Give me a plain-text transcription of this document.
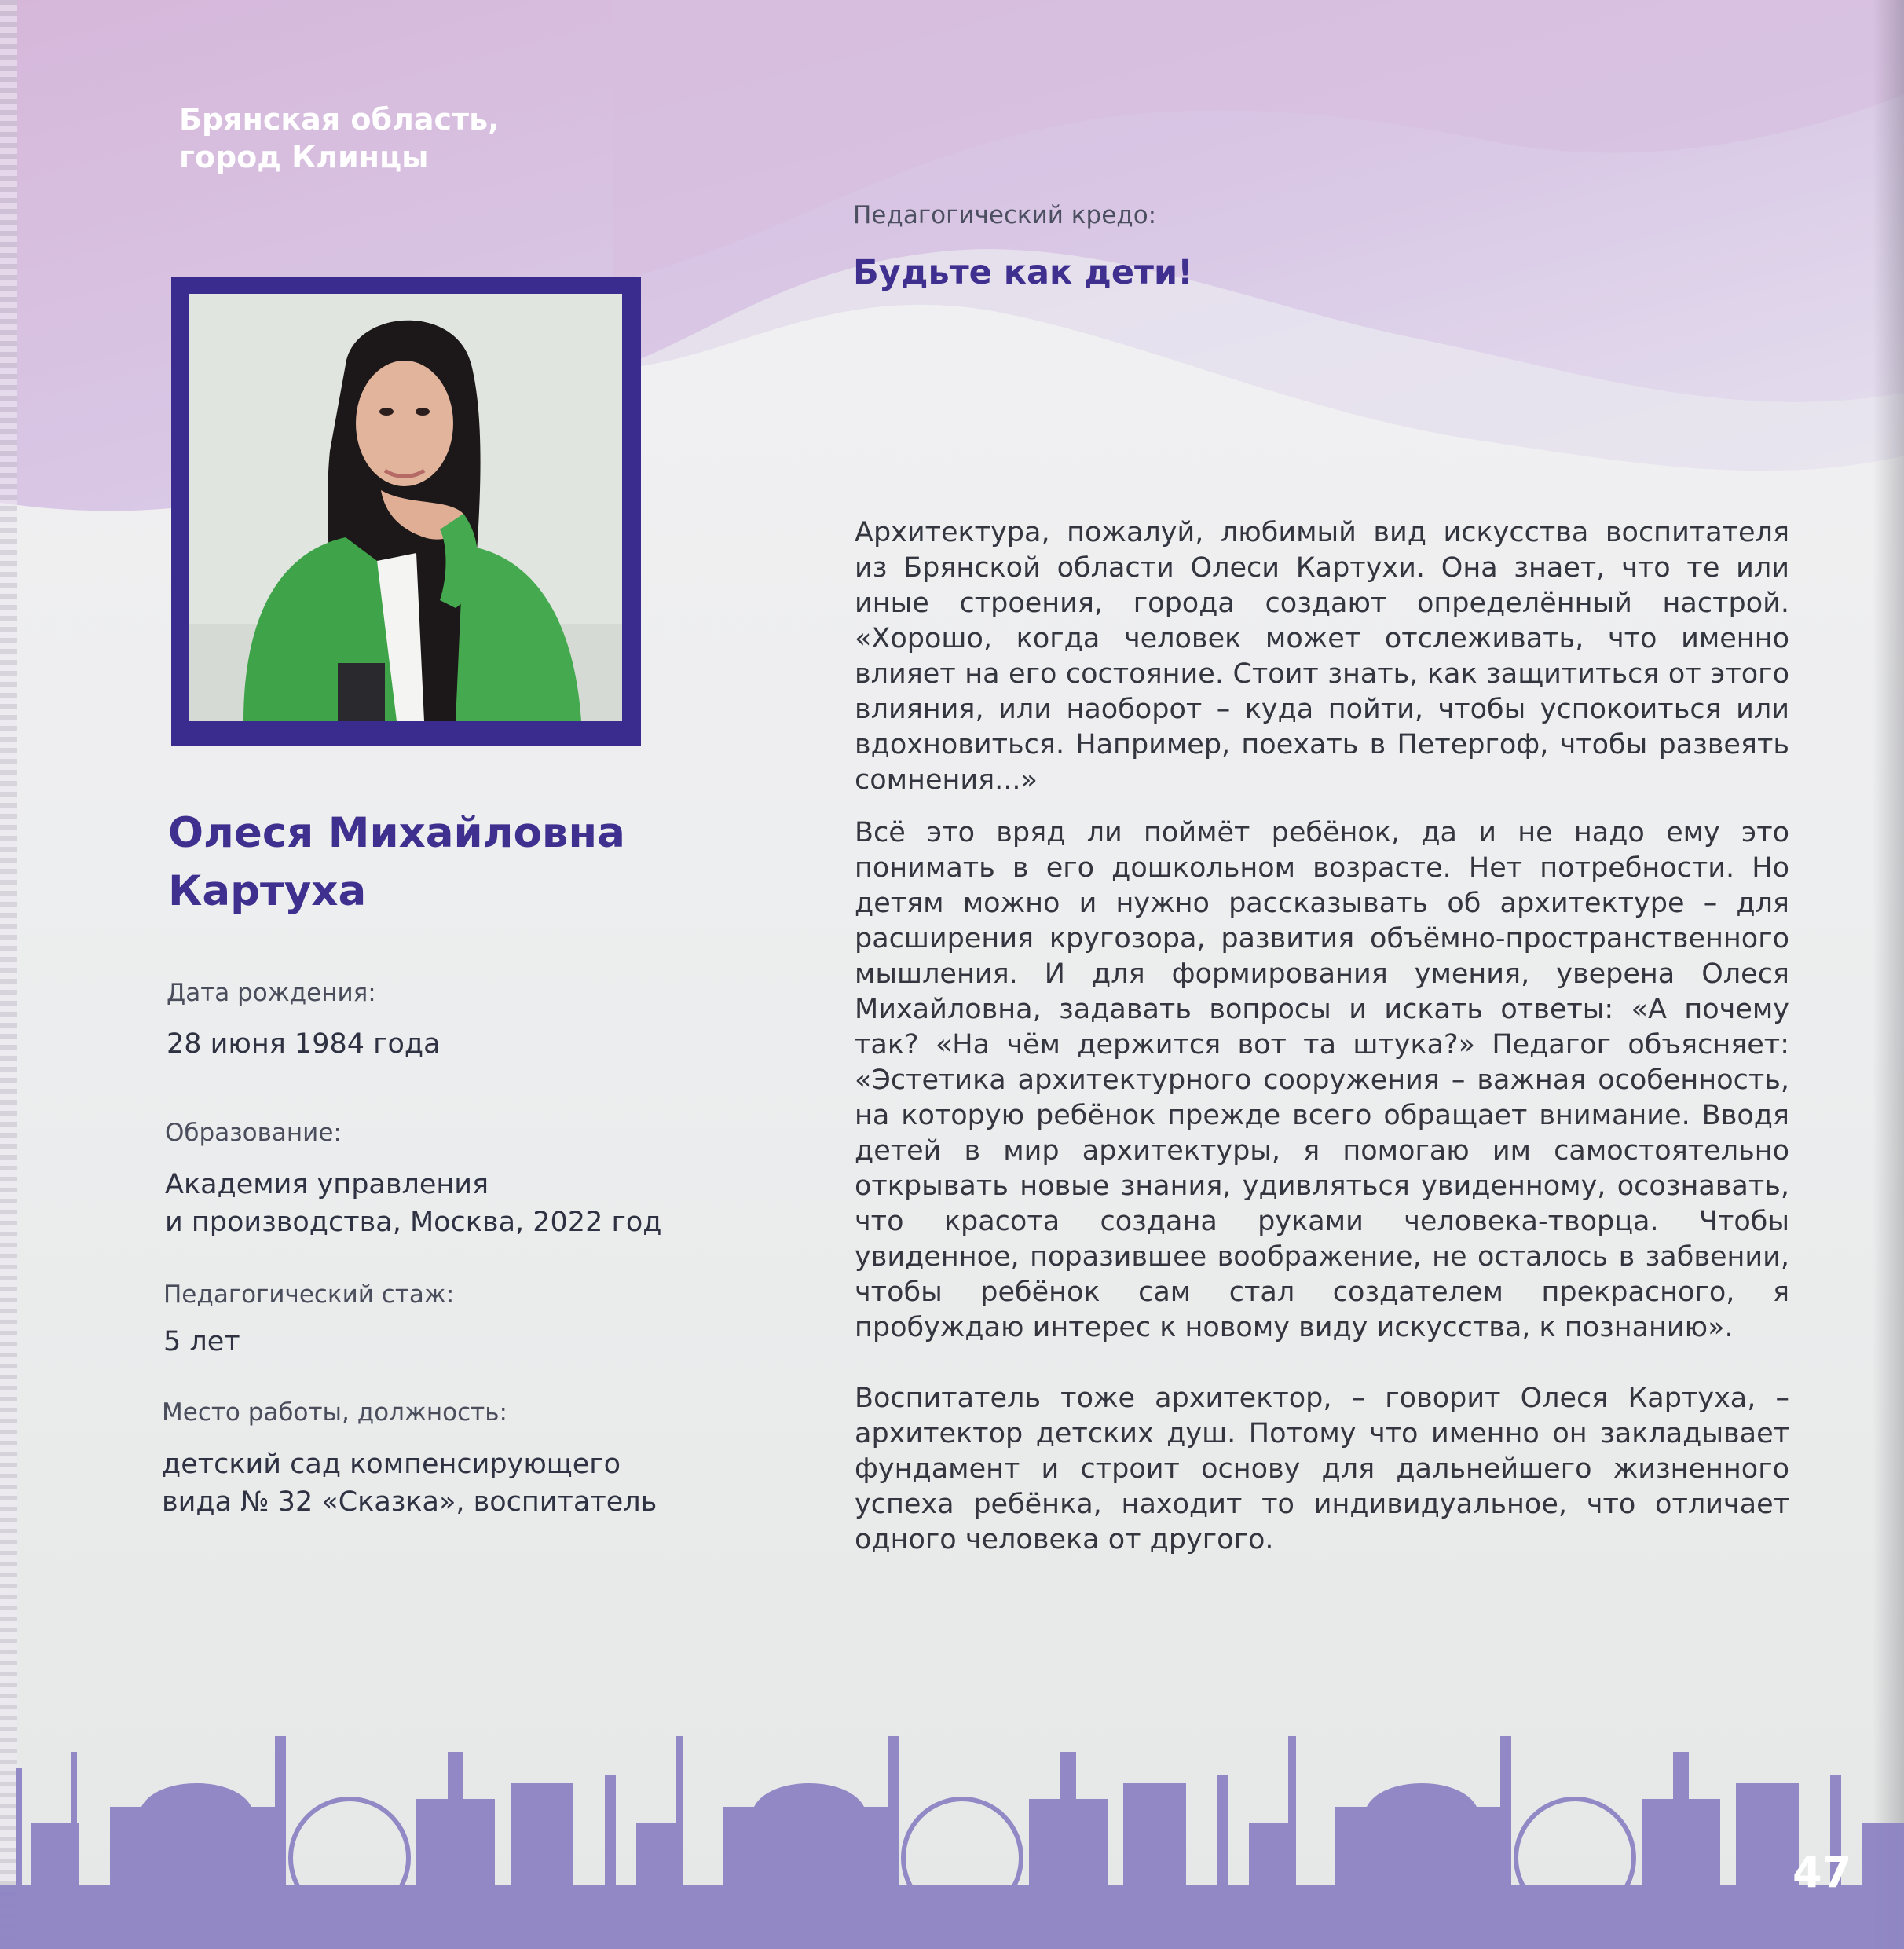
Брянская область,
город Клинцы

Педагогический кредо:

Будьте как дети!

Олеся Михайловна
Картуха

Дата рождения:

28 июня 1984 года

Образование:

Академия управления
и производства, Москва, 2022 год

Педагогический стаж:

5 лет

Место работы, должность:

детский сад компенсирующего
вида № 32 «Сказка», воспитатель

Архитектура, пожалуй, любимый вид искусства воспитателя из Брянской области Олеси Картухи. Она знает, что те или иные строения, города создают определённый настрой. «Хорошо, когда человек может отслеживать, что именно влияет на его состояние. Стоит знать, как защититься от этого влияния, или наоборот – куда пойти, чтобы успокоиться или вдохновиться. Например, поехать в Петергоф, чтобы развеять сомнения...»

Всё это вряд ли поймёт ребёнок, да и не надо ему это понимать в его дошкольном возрасте. Нет потребности. Но детям можно и нужно рассказывать об архитектуре – для расширения кругозора, развития объёмно-пространственного мышления. И для формирования умения, уверена Олеся Михайловна, задавать вопросы и искать ответы: «А почему так? «На чём держится вот та штука?» Педагог объясняет: «Эстетика архитектурного сооружения – важная особенность, на которую ребёнок прежде всего обращает внимание. Вводя детей в мир архитектуры, я помогаю им самостоятельно открывать новые знания, удивляться увиденному, осознавать, что красота создана руками человека-творца. Чтобы увиденное, поразившее воображение, не осталось в забвении, чтобы ребёнок сам стал создателем прекрасного, я пробуждаю интерес к новому виду искусства, к познанию».

Воспитатель тоже архитектор, – говорит Олеся Картуха, – архитектор детских душ. Потому что именно он закладывает фундамент и строит основу для дальнейшего жизненного успеха ребёнка, находит то индивидуальное, что отличает одного человека от другого.

47
